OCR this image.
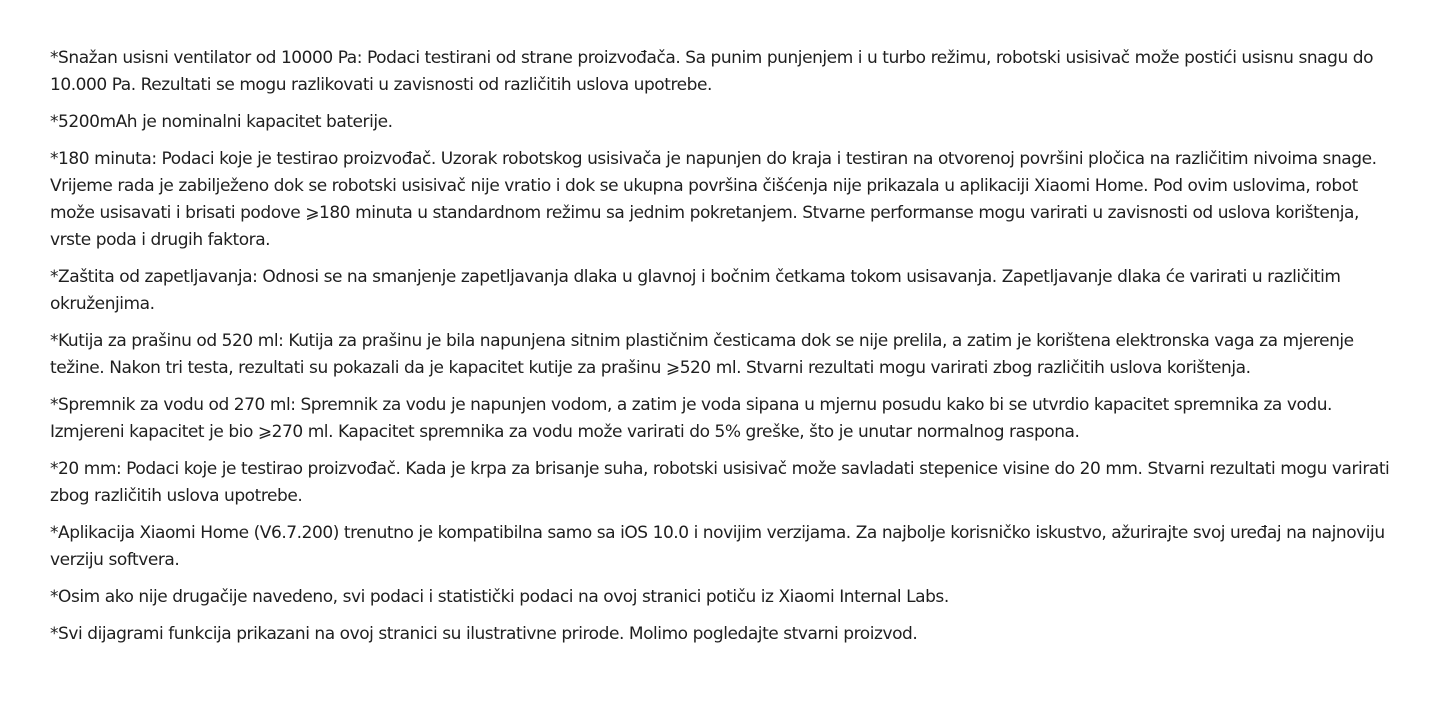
*Snažan usisni ventilator od 10000 Pa: Podaci testirani od strane proizvođača. Sa punim punjenjem i u turbo režimu, robotski usisivač može postići usisnu snagu do 10.000 Pa. Rezultati se mogu razlikovati u zavisnosti od različitih uslova upotrebe.

*5200mAh je nominalni kapacitet baterije.

*180 minuta: Podaci koje je testirao proizvođač. Uzorak robotskog usisivača je napunjen do kraja i testiran na otvorenoj površini pločica na različitim nivoima snage. Vrijeme rada je zabilježeno dok se robotski usisivač nije vratio i dok se ukupna površina čišćenja nije prikazala u aplikaciji Xiaomi Home. Pod ovim uslovima, robot može usisavati i brisati podove ⩾180 minuta u standardnom režimu sa jednim pokretanjem. Stvarne performanse mogu varirati u zavisnosti od uslova korištenja, vrste poda i drugih faktora.

*Zaštita od zapetljavanja: Odnosi se na smanjenje zapetljavanja dlaka u glavnoj i bočnim četkama tokom usisavanja. Zapetljavanje dlaka će varirati u različitim okruženjima.

*Kutija za prašinu od 520 ml: Kutija za prašinu je bila napunjena sitnim plastičnim česticama dok se nije prelila, a zatim je korištena elektronska vaga za mjerenje težine. Nakon tri testa, rezultati su pokazali da je kapacitet kutije za prašinu ⩾520 ml. Stvarni rezultati mogu varirati zbog različitih uslova korištenja.

*Spremnik za vodu od 270 ml: Spremnik za vodu je napunjen vodom, a zatim je voda sipana u mjernu posudu kako bi se utvrdio kapacitet spremnika za vodu. Izmjereni kapacitet je bio ⩾270 ml. Kapacitet spremnika za vodu može varirati do 5% greške, što je unutar normalnog raspona.

*20 mm: Podaci koje je testirao proizvođač. Kada je krpa za brisanje suha, robotski usisivač može savladati stepenice visine do 20 mm. Stvarni rezultati mogu varirati zbog različitih uslova upotrebe.

*Aplikacija Xiaomi Home (V6.7.200) trenutno je kompatibilna samo sa iOS 10.0 i novijim verzijama. Za najbolje korisničko iskustvo, ažurirajte svoj uređaj na najnoviju verziju softvera.

*Osim ako nije drugačije navedeno, svi podaci i statistički podaci na ovoj stranici potiču iz Xiaomi Internal Labs.

*Svi dijagrami funkcija prikazani na ovoj stranici su ilustrativne prirode. Molimo pogledajte stvarni proizvod.
